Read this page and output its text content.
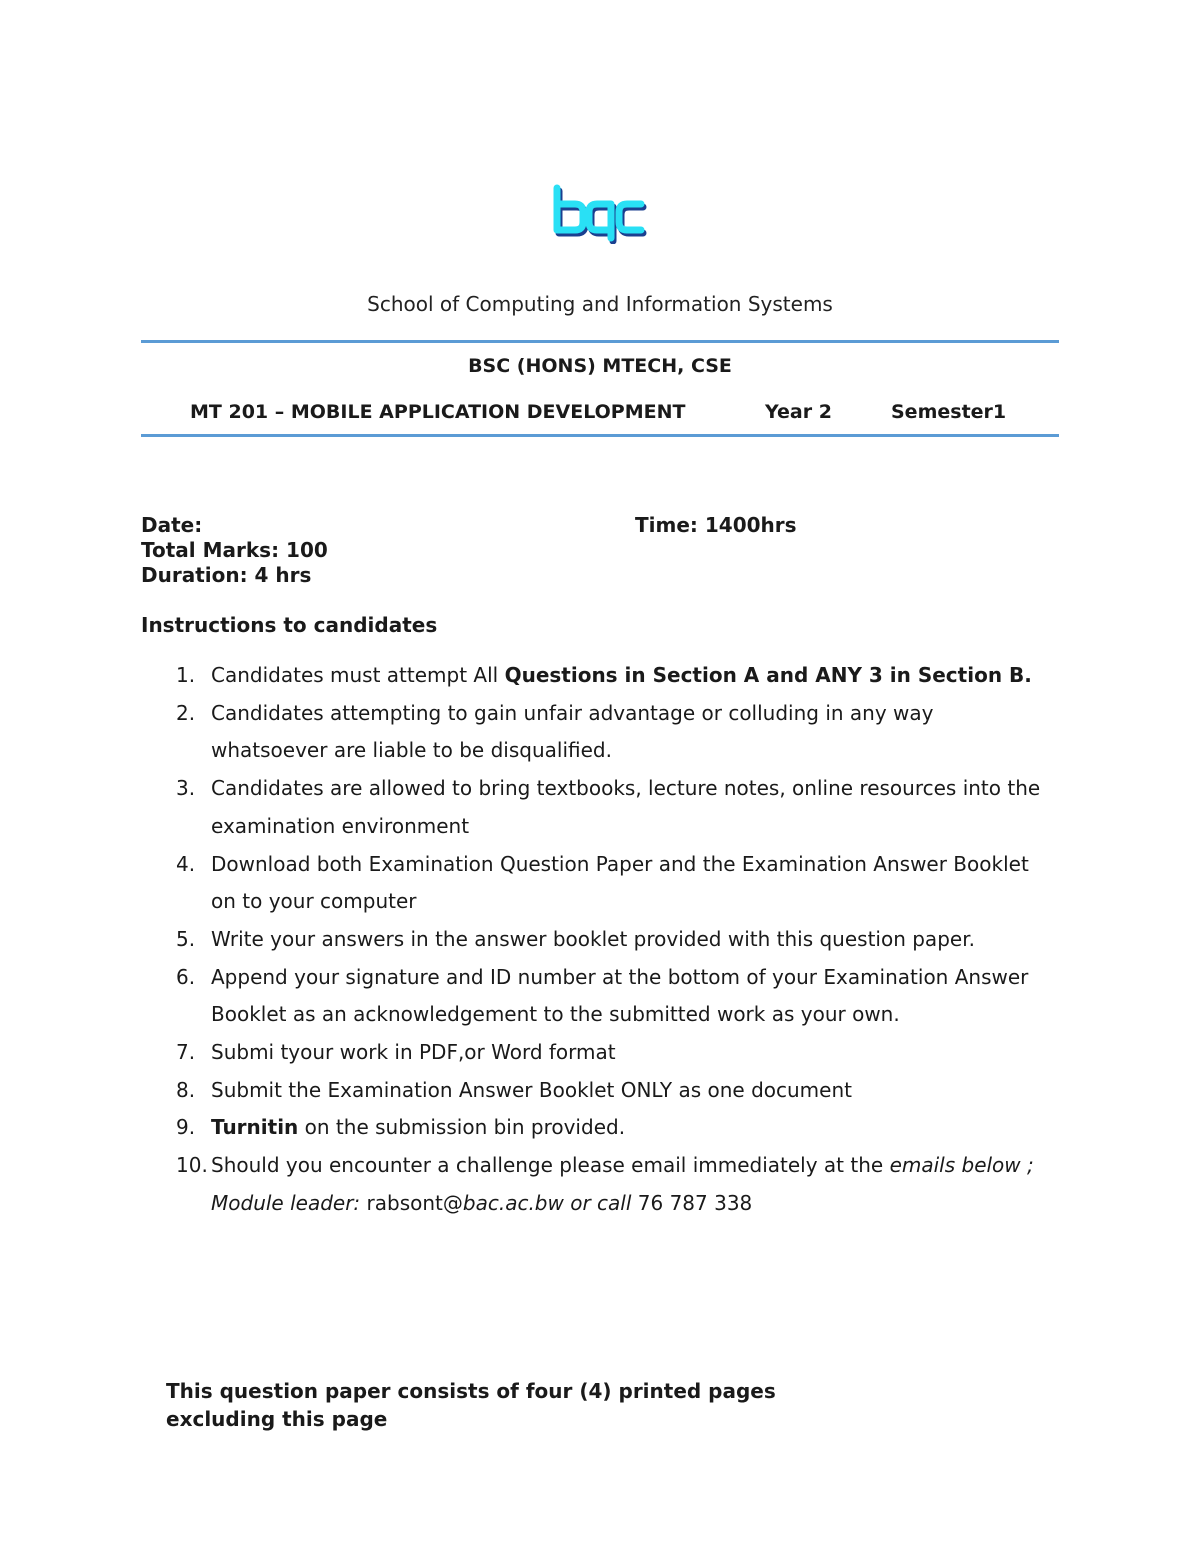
School of Computing and Information Systems
BSC (HONS) MTECH, CSE
MT 201 – MOBILE APPLICATION DEVELOPMENT	Year 2	Semester1
Date:	Time: 1400hrs
Total Marks: 100
Duration: 4 hrs
Instructions to candidates
1. Candidates must attempt All Questions in Section A and ANY 3 in Section B.
2. Candidates attempting to gain unfair advantage or colluding in any way whatsoever are liable to be disqualified.
3. Candidates are allowed to bring textbooks, lecture notes, online resources into the examination environment
4. Download both Examination Question Paper and the Examination Answer Booklet on to your computer
5. Write your answers in the answer booklet provided with this question paper.
6. Append your signature and ID number at the bottom of your Examination Answer Booklet as an acknowledgement to the submitted work as your own.
7. Submi tyour work in PDF,or Word format
8. Submit the Examination Answer Booklet ONLY as one document
9. Turnitin on the submission bin provided.
10. Should you encounter a challenge please email immediately at the emails below ; Module leader: rabsont@bac.ac.bw or call 76 787 338
This question paper consists of four (4) printed pages
excluding this page
